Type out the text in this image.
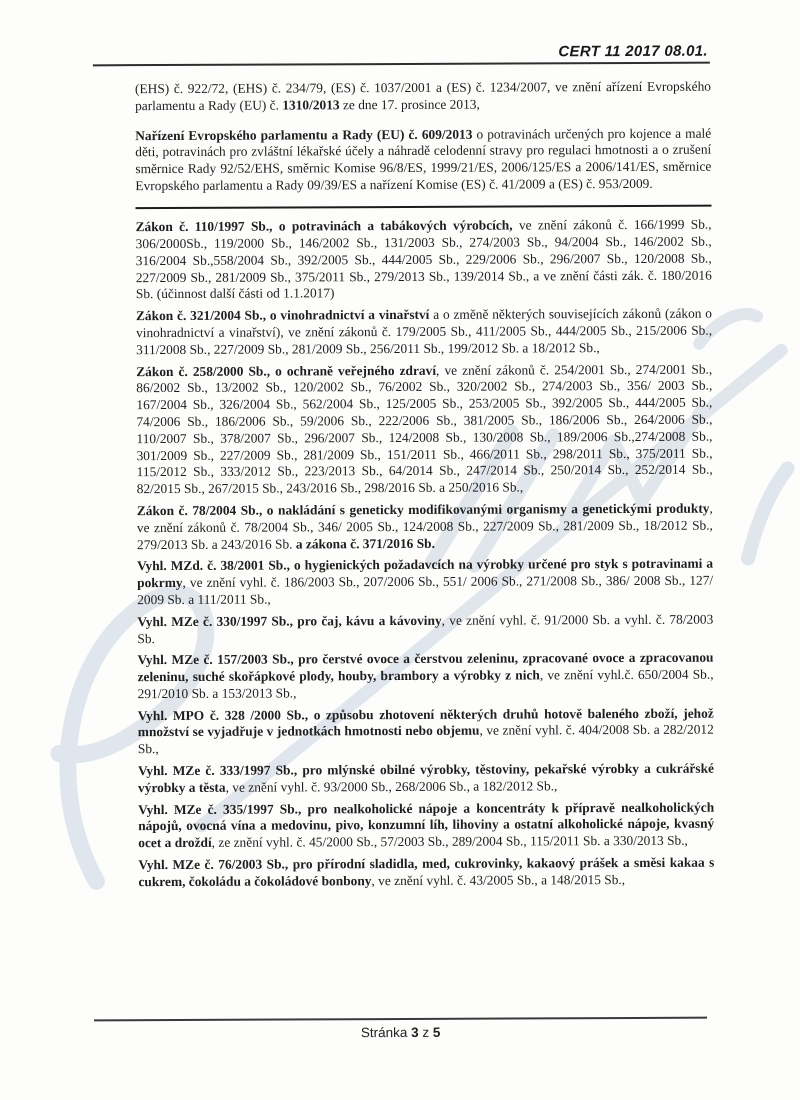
CERT 11 2017 08.01.

(EHS) č. 922/72, (EHS) č. 234/79, (ES) č. 1037/2001 a (ES) č. 1234/2007, ve znění ařízení Evropského parlamentu a Rady (EU) č. 1310/2013 ze dne 17. prosince 2013,

Nařízení Evropského parlamentu a Rady (EU) č. 609/2013 o potravinách určených pro kojence a malé děti, potravinách pro zvláštní lékařské účely a náhradě celodenní stravy pro regulaci hmotnosti a o zrušení směrnice Rady 92/52/EHS, směrnic Komise 96/8/ES, 1999/21/ES, 2006/125/ES a 2006/141/ES, směrnice Evropského parlamentu a Rady 09/39/ES a nařízení Komise (ES) č. 41/2009 a (ES) č. 953/2009.

Zákon č. 110/1997 Sb., o potravinách a tabákových výrobcích, ve znění zákonů č. 166/1999 Sb., 306/2000Sb., 119/2000 Sb., 146/2002 Sb., 131/2003 Sb., 274/2003 Sb., 94/2004 Sb., 146/2002 Sb., 316/2004 Sb.,558/2004 Sb., 392/2005 Sb., 444/2005 Sb., 229/2006 Sb., 296/2007 Sb., 120/2008 Sb., 227/2009 Sb., 281/2009 Sb., 375/2011 Sb., 279/2013 Sb., 139/2014 Sb., a ve znění části zák. č. 180/2016 Sb. (účinnost další části od 1.1.2017)

Zákon č. 321/2004 Sb., o vinohradnictví a vinařství a o změně některých souvisejících zákonů (zákon o vinohradnictví a vinařství), ve znění zákonů č. 179/2005 Sb., 411/2005 Sb., 444/2005 Sb., 215/2006 Sb., 311/2008 Sb., 227/2009 Sb., 281/2009 Sb., 256/2011 Sb., 199/2012 Sb. a 18/2012 Sb.,

Zákon č. 258/2000 Sb., o ochraně veřejného zdraví, ve znění zákonů č. 254/2001 Sb., 274/2001 Sb., 86/2002 Sb., 13/2002 Sb., 120/2002 Sb., 76/2002 Sb., 320/2002 Sb., 274/2003 Sb., 356/ 2003 Sb., 167/2004 Sb., 326/2004 Sb., 562/2004 Sb., 125/2005 Sb., 253/2005 Sb., 392/2005 Sb., 444/2005 Sb., 74/2006 Sb., 186/2006 Sb., 59/2006 Sb., 222/2006 Sb., 381/2005 Sb., 186/2006 Sb., 264/2006 Sb., 110/2007 Sb., 378/2007 Sb., 296/2007 Sb., 124/2008 Sb., 130/2008 Sb., 189/2006 Sb.,274/2008 Sb., 301/2009 Sb., 227/2009 Sb., 281/2009 Sb., 151/2011 Sb., 466/2011 Sb., 298/2011 Sb., 375/2011 Sb., 115/2012 Sb., 333/2012 Sb., 223/2013 Sb., 64/2014 Sb., 247/2014 Sb., 250/2014 Sb., 252/2014 Sb., 82/2015 Sb., 267/2015 Sb., 243/2016 Sb., 298/2016 Sb. a 250/2016 Sb.,

Zákon č. 78/2004 Sb., o nakládání s geneticky modifikovanými organismy a genetickými produkty, ve znění zákonů č. 78/2004 Sb., 346/ 2005 Sb., 124/2008 Sb., 227/2009 Sb., 281/2009 Sb., 18/2012 Sb., 279/2013 Sb. a 243/2016 Sb. a zákona č. 371/2016 Sb.

Vyhl. MZd. č. 38/2001 Sb., o hygienických požadavcích na výrobky určené pro styk s potravinami a pokrmy, ve znění vyhl. č. 186/2003 Sb., 207/2006 Sb., 551/ 2006 Sb., 271/2008 Sb., 386/ 2008 Sb., 127/ 2009 Sb. a 111/2011 Sb.,

Vyhl. MZe č. 330/1997 Sb., pro čaj, kávu a kávoviny, ve znění vyhl. č. 91/2000 Sb. a vyhl. č. 78/2003 Sb.

Vyhl. MZe č. 157/2003 Sb., pro čerstvé ovoce a čerstvou zeleninu, zpracované ovoce a zpracovanou zeleninu, suché skořápkové plody, houby, brambory a výrobky z nich, ve znění vyhl.č. 650/2004 Sb., 291/2010 Sb. a 153/2013 Sb.,

Vyhl. MPO č. 328 /2000 Sb., o způsobu zhotovení některých druhů hotově baleného zboží, jehož množství se vyjadřuje v jednotkách hmotnosti nebo objemu, ve znění vyhl. č. 404/2008 Sb. a 282/2012 Sb.,

Vyhl. MZe č. 333/1997 Sb., pro mlýnské obilné výrobky, těstoviny, pekařské výrobky a cukrářské výrobky a těsta, ve znění vyhl. č. 93/2000 Sb., 268/2006 Sb., a 182/2012 Sb.,

Vyhl. MZe č. 335/1997 Sb., pro nealkoholické nápoje a koncentráty k přípravě nealkoholických nápojů, ovocná vína a medovinu, pivo, konzumní líh, lihoviny a ostatní alkoholické nápoje, kvasný ocet a droždí, ze znění vyhl. č. 45/2000 Sb., 57/2003 Sb., 289/2004 Sb., 115/2011 Sb. a 330/2013 Sb.,

Vyhl. MZe č. 76/2003 Sb., pro přírodní sladidla, med, cukrovinky, kakaový prášek a směsi kakaa s cukrem, čokoládu a čokoládové bonbony, ve znění vyhl. č. 43/2005 Sb., a 148/2015 Sb.,

Stránka 3 z 5
